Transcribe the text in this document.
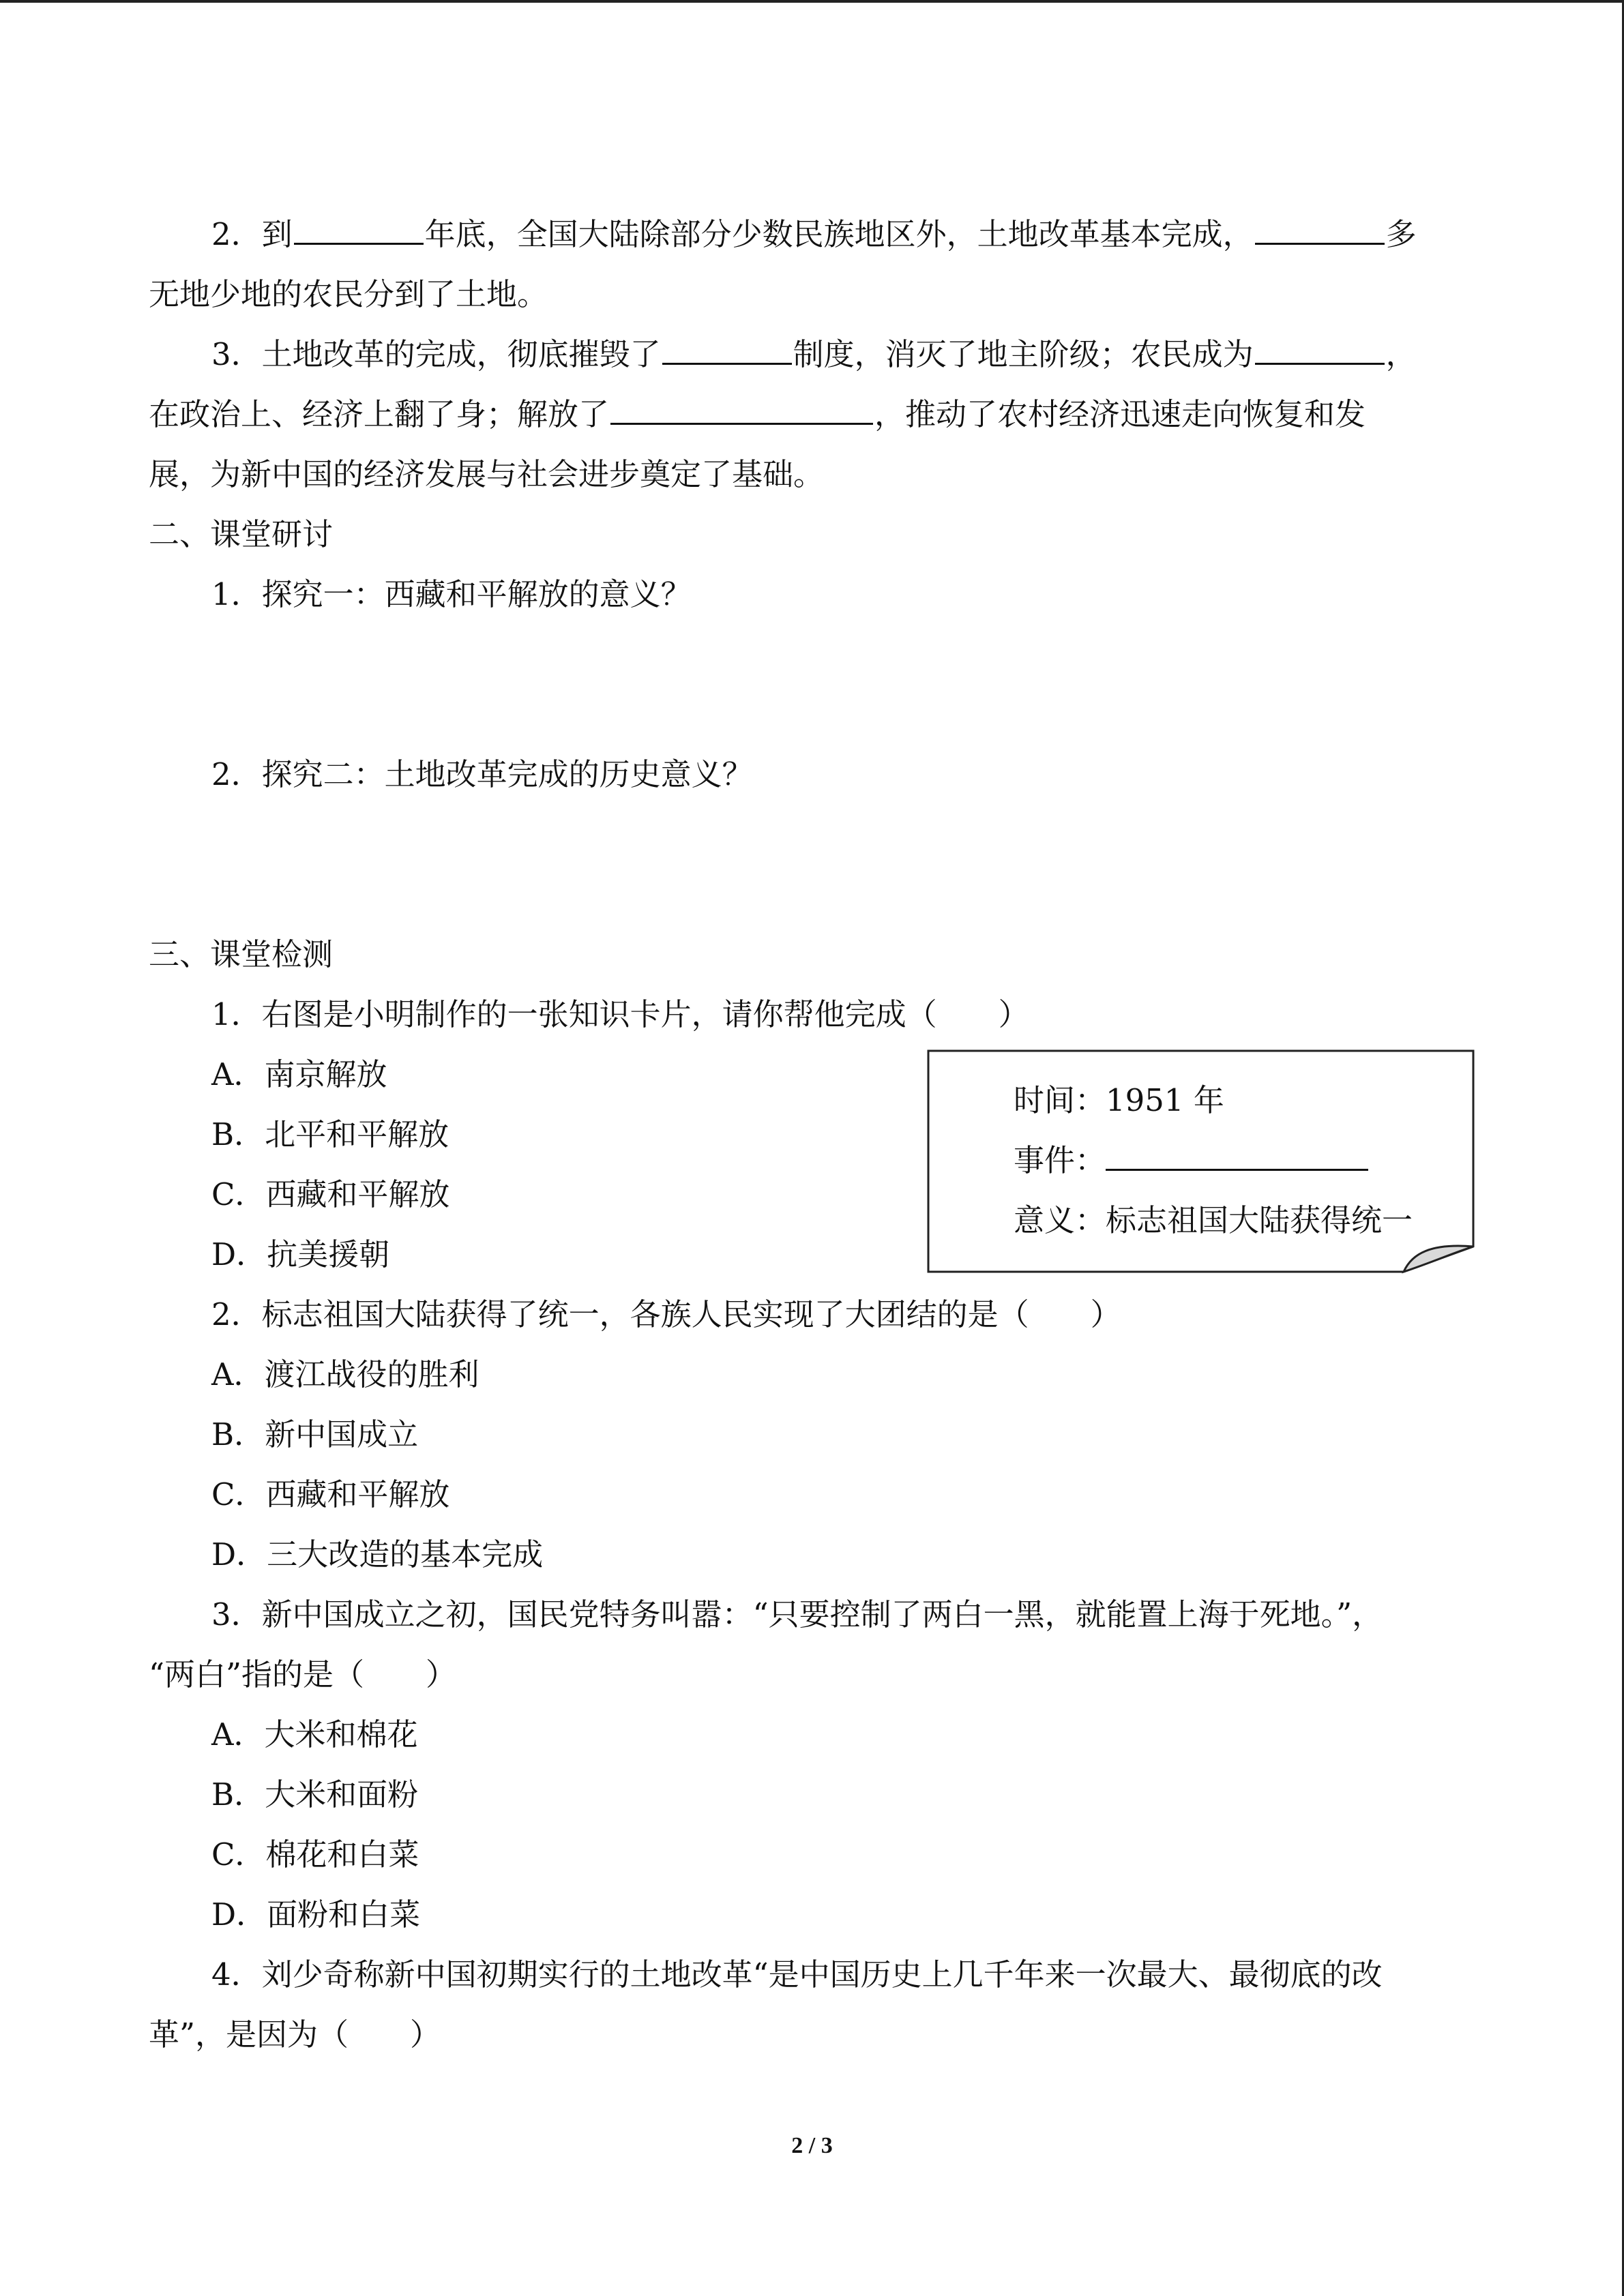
2．到	年底，全国大陆除部分少数民族地区外，土地改革基本完成，	多
无地少地的农民分到了土地。
3．土地改革的完成，彻底摧毁了	制度，消灭了地主阶级；农民成为	，
在政治上、经济上翻了身；解放了	，推动了农村经济迅速走向恢复和发
展，为新中国的经济发展与社会进步奠定了基础。
二、课堂研讨
1．探究一：西藏和平解放的意义？
2．探究二：土地改革完成的历史意义？
三、课堂检测
1．右图是小明制作的一张知识卡片，请你帮他完成（　　）
A．南京解放
B．北平和平解放
C．西藏和平解放
D．抗美援朝
2．标志祖国大陆获得了统一，各族人民实现了大团结的是（　　）
A．渡江战役的胜利
B．新中国成立
C．西藏和平解放
D．三大改造的基本完成
3．新中国成立之初，国民党特务叫嚣：“只要控制了两白一黑，就能置上海于死地。”，
“两白”指的是（　　）
A．大米和棉花
B．大米和面粉
C．棉花和白菜
D．面粉和白菜
4．刘少奇称新中国初期实行的土地改革“是中国历史上几千年来一次最大、最彻底的改
革”，是因为（　　）
时间：1951 年
事件：
意义：标志祖国大陆获得统一
2 / 3
